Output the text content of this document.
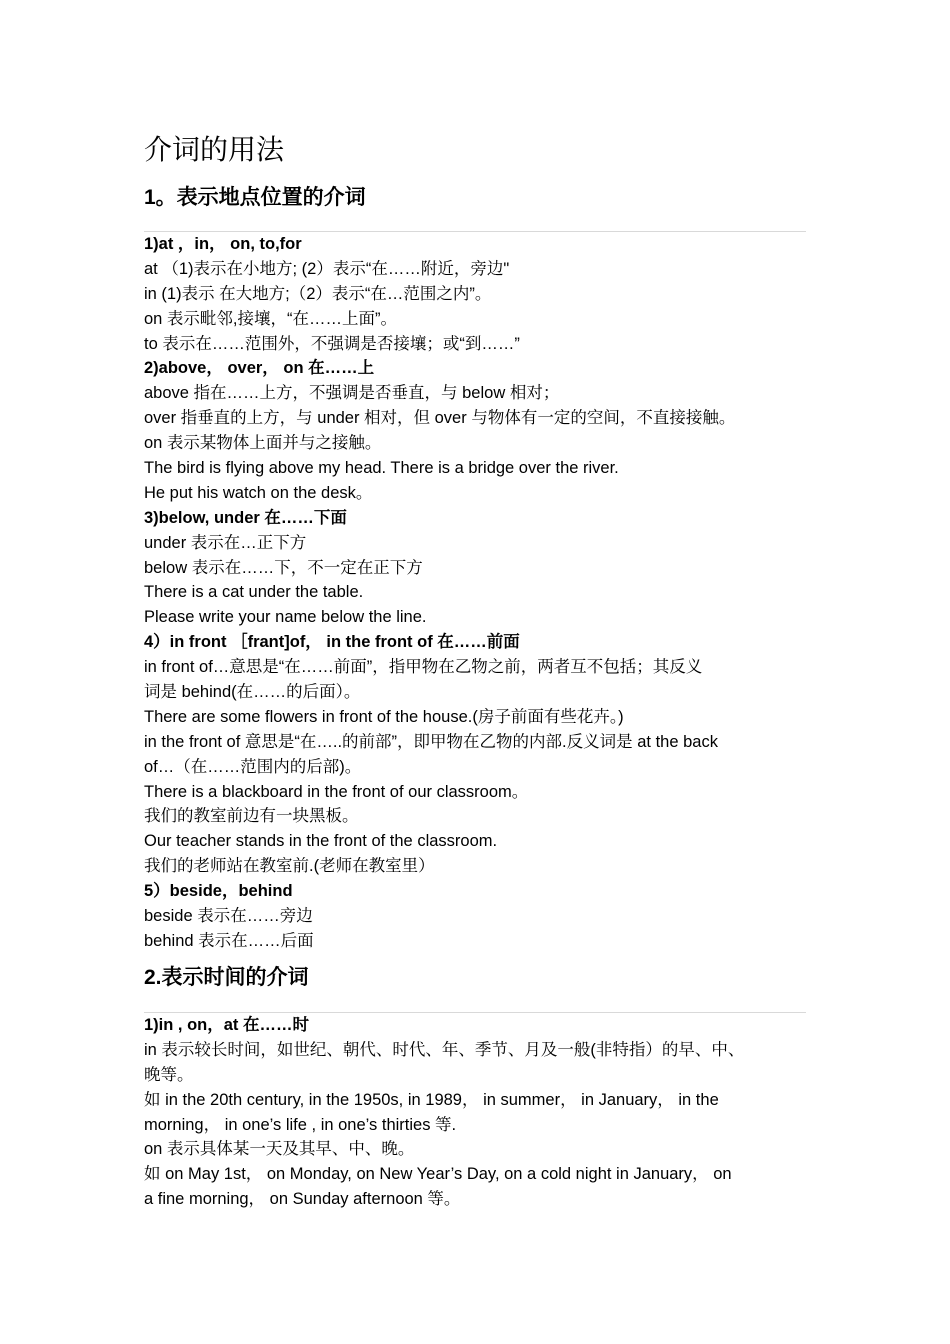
介词的用法
1。表示地点位置的介词
1)at ，in， on, to,for
at （1)表示在小地方; (2）表示“在……附近，旁边"
in (1)表示 在大地方;（2）表示“在…范围之内”。
on 表示毗邻,接壤，“在……上面”。
to 表示在……范围外，不强调是否接壤；或“到……”
2)above， over， on 在……上
above 指在……上方，不强调是否垂直，与 below 相对；
over 指垂直的上方，与 under 相对，但 over 与物体有一定的空间，不直接接触。
on 表示某物体上面并与之接触。
The bird is flying above my head. There is a bridge over the river.
He put his watch on the desk。
3)below, under 在……下面
under 表示在…正下方
below 表示在……下，不一定在正下方
There is a cat under the table.
Please write your name below the line.
4）in front ［frant]of， in the front of 在……前面
in front of…意思是“在……前面”，指甲物在乙物之前，两者互不包括；其反义
词是 behind(在……的后面）。
There are some flowers in front of the house.(房子前面有些花卉。)
in the front of 意思是“在…..的前部”，即甲物在乙物的内部.反义词是 at the back
of…（在……范围内的后部)。
There is a blackboard in the front of our classroom。
我们的教室前边有一块黑板。
Our teacher stands in the front of the classroom.
我们的老师站在教室前.(老师在教室里）
5）beside，behind
beside 表示在……旁边
behind 表示在……后面
2.表示时间的介词
1)in , on，at 在……时
in 表示较长时间，如世纪、朝代、时代、年、季节、月及一般(非特指）的早、中、
晚等。
如 in the 20th century, in the 1950s, in 1989， in summer， in January， in the
morning， in one’s life , in one’s thirties 等.
on 表示具体某一天及其早、中、晚。
如 on May 1st， on Monday, on New Year’s Day, on a cold night in January， on
a fine morning， on Sunday afternoon 等。
